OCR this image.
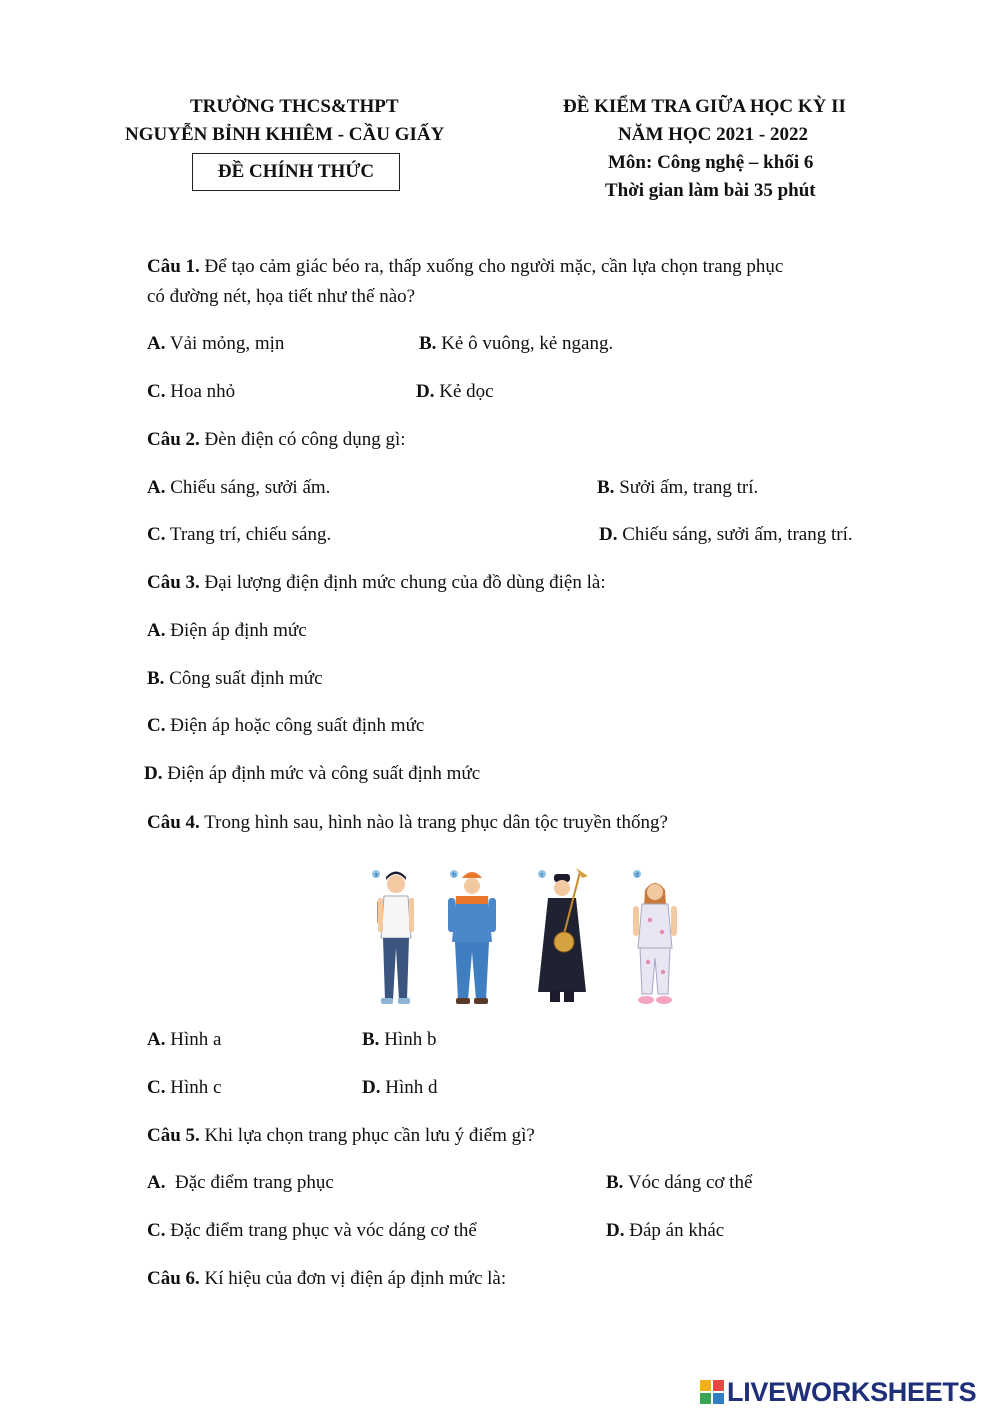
TRƯỜNG THCS&THPT
NGUYỄN BỈNH KHIÊM - CẦU GIẤY
ĐỀ CHÍNH THỨC
ĐỀ KIỂM TRA GIỮA HỌC KỲ II
NĂM HỌC 2021 - 2022
Môn: Công nghệ – khối 6
Thời gian làm bài 35 phút
Câu 1. Để tạo cảm giác béo ra, thấp xuống cho người mặc, cần lựa chọn trang phục
có đường nét, họa tiết như thế nào?
A. Vải mỏng, mịn	B. Kẻ ô vuông, kẻ ngang.
C. Hoa nhỏ	D. Kẻ dọc
Câu 2. Đèn điện có công dụng gì:
A. Chiếu sáng, sưởi ấm.	B. Sưởi ấm, trang trí.
C. Trang trí, chiếu sáng.	D. Chiếu sáng, sưởi ấm, trang trí.
Câu 3. Đại lượng điện định mức chung của đồ dùng điện là:
A. Điện áp định mức
B. Công suất định mức
C. Điện áp hoặc công suất định mức
D. Điện áp định mức và công suất định mức
Câu 4. Trong hình sau, hình nào là trang phục dân tộc truyền thống?
a	b	c	d
A. Hình a	B. Hình b
C. Hình c	D. Hình d
Câu 5. Khi lựa chọn trang phục cần lưu ý điểm gì?
A. Đặc điểm trang phục	B. Vóc dáng cơ thể
C. Đặc điểm trang phục và vóc dáng cơ thể	D. Đáp án khác
Câu 6. Kí hiệu của đơn vị điện áp định mức là:
LIVEWORKSHEETS
